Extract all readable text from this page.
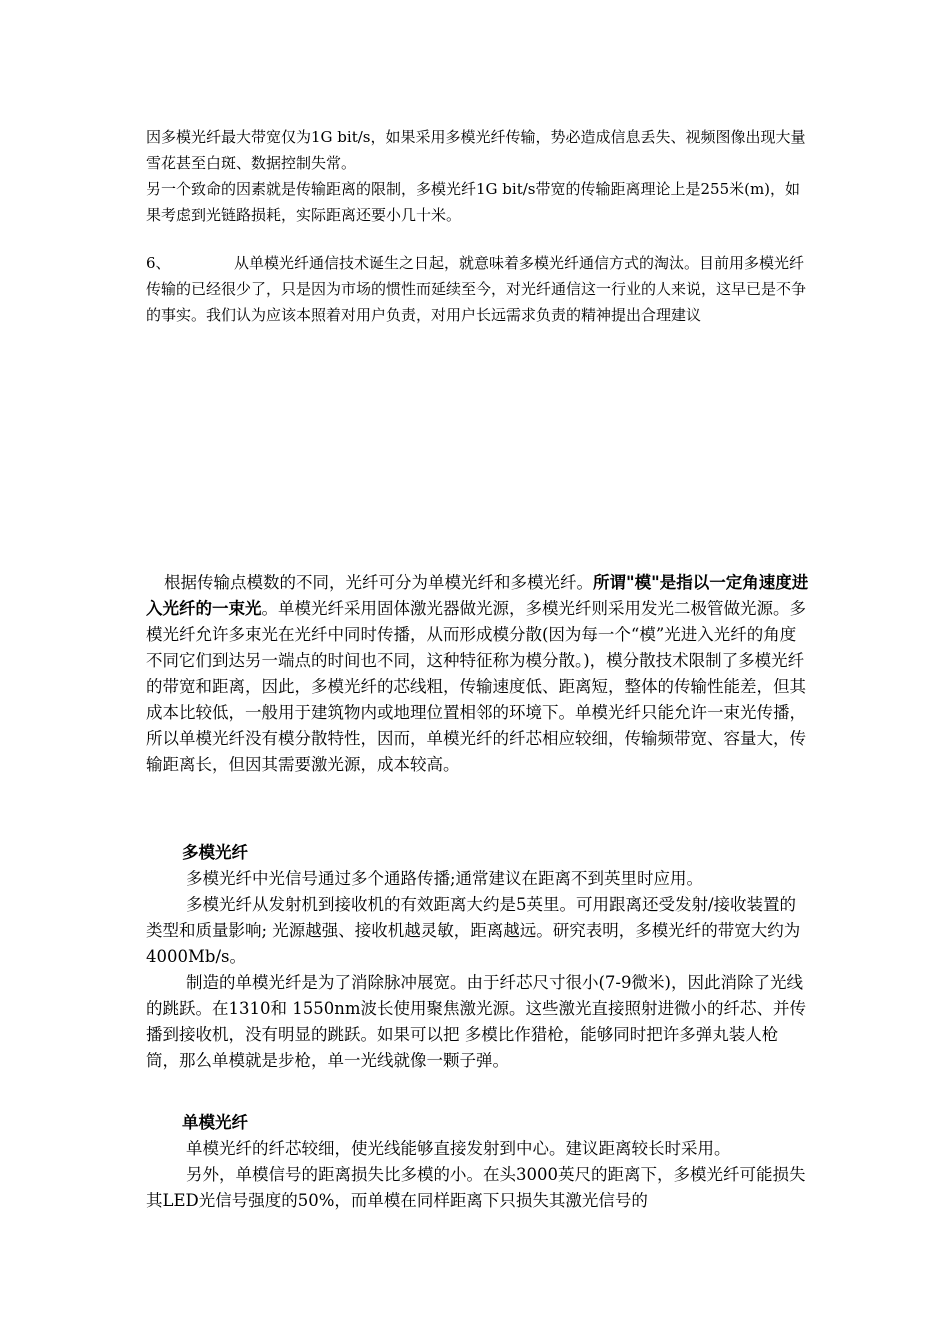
因多模光纤最大带宽仅为1G bit/s，如果采用多模光纤传输，势必造成信息丢失、视频图像出现大量雪花甚至白斑、数据控制失常。

另一个致命的因素就是传输距离的限制，多模光纤1G bit/s带宽的传输距离理论上是255米(m)，如果考虑到光链路损耗，实际距离还要小几十米。

6、	从单模光纤通信技术诞生之日起，就意味着多模光纤通信方式的淘汰。目前用多模光纤传输的已经很少了，只是因为市场的惯性而延续至今，对光纤通信这一行业的人来说，这早已是不争的事实。我们认为应该本照着对用户负责，对用户长远需求负责的精神提出合理建议

根据传输点模数的不同，光纤可分为单模光纤和多模光纤。所谓"模"是指以一定角速度进入光纤的一束光。单模光纤采用固体激光器做光源，多模光纤则采用发光二极管做光源。多模光纤允许多束光在光纤中同时传播，从而形成模分散(因为每一个“模”光进入光纤的角度不同它们到达另一端点的时间也不同，这种特征称为模分散。)，模分散技术限制了多模光纤的带宽和距离，因此，多模光纤的芯线粗，传输速度低、距离短，整体的传输性能差，但其成本比较低，一般用于建筑物内或地理位置相邻的环境下。单模光纤只能允许一束光传播，所以单模光纤没有模分散特性，因而，单模光纤的纤芯相应较细，传输频带宽、容量大，传输距离长，但因其需要激光源，成本较高。

多模光纤

多模光纤中光信号通过多个通路传播;通常建议在距离不到英里时应用。

多模光纤从发射机到接收机的有效距离大约是5英里。可用跟离还受发射/接收装置的类型和质量影响; 光源越强、接收机越灵敏，距离越远。研究表明，多模光纤的带宽大约为4000Mb/s。

制造的单模光纤是为了消除脉冲展宽。由于纤芯尺寸很小(7-9微米)，因此消除了光线的跳跃。在1310和 1550nm波长使用聚焦激光源。这些激光直接照射进微小的纤芯、并传播到接收机，没有明显的跳跃。如果可以把 多模比作猎枪，能够同时把许多弹丸装人枪筒，那么单模就是步枪，单一光线就像一颗子弹。

单模光纤

单模光纤的纤芯较细，使光线能够直接发射到中心。建议距离较长时采用。

另外，单模信号的距离损失比多模的小。在头3000英尺的距离下，多模光纤可能损失其LED光信号强度的50%，而单模在同样距离下只损失其激光信号的
